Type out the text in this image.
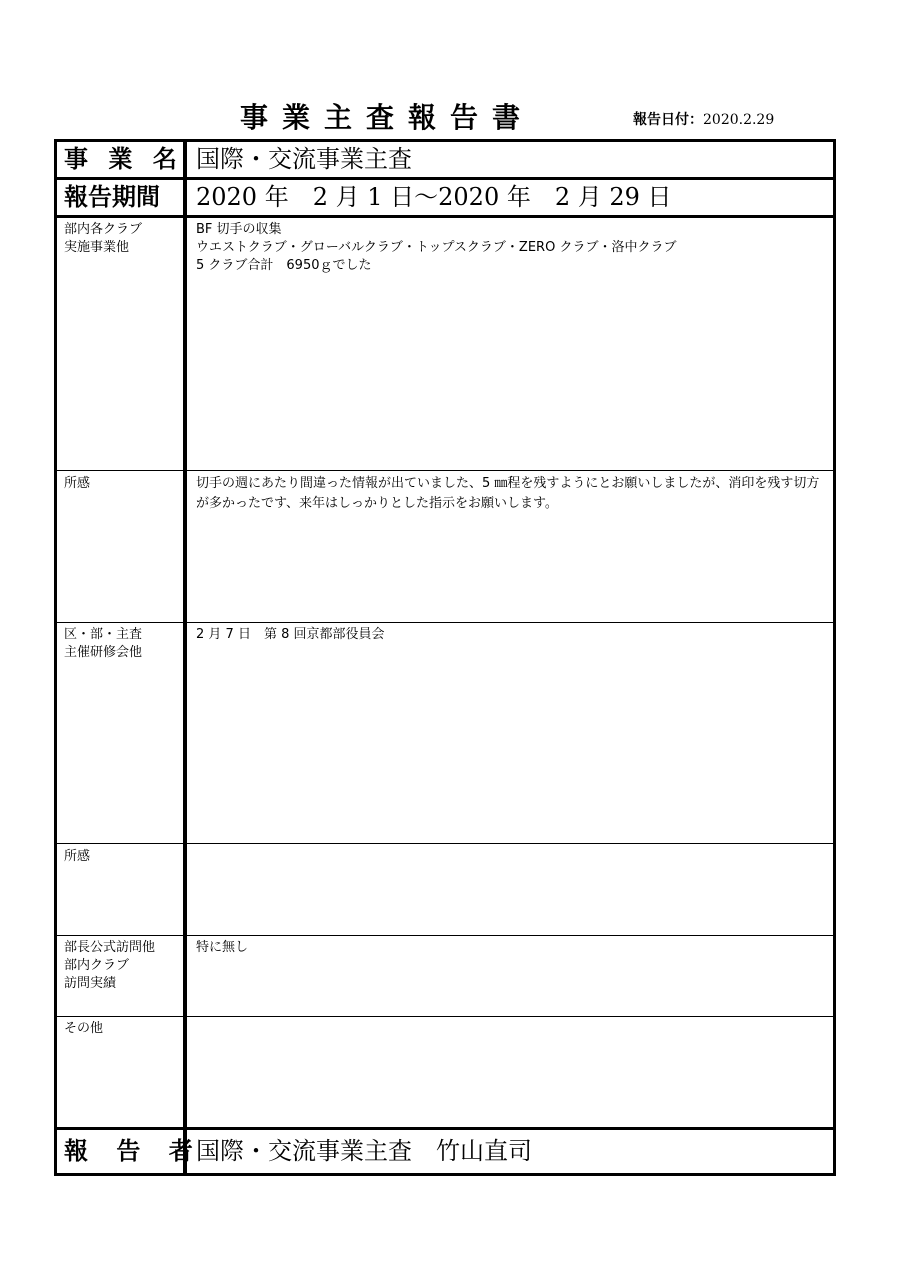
事業主査報告書	報告日付：2020.2.29
事 業 名 国際・交流事業主査
報告期間 2020 年　2 月 1 日～2020 年　2 月 29 日
部内各クラブ
実施事業他
BF 切手の収集
ウエストクラブ・グローバルクラブ・トップスクラブ・ZERO クラブ・洛中クラブ
5 クラブ合計　6950ｇでした
所感	切手の週にあたり間違った情報が出ていました、5 ㎜程を残すようにとお願いしましたが、消印を残す切方が多かったです、来年はしっかりとした指示をお願いします。
区・部・主査
主催研修会他
2 月 7 日　第 8 回京都部役員会
所感
部長公式訪問他
部内クラブ
訪問実績
特に無し
その他
報 告 者
国際・交流事業主査　竹山直司
